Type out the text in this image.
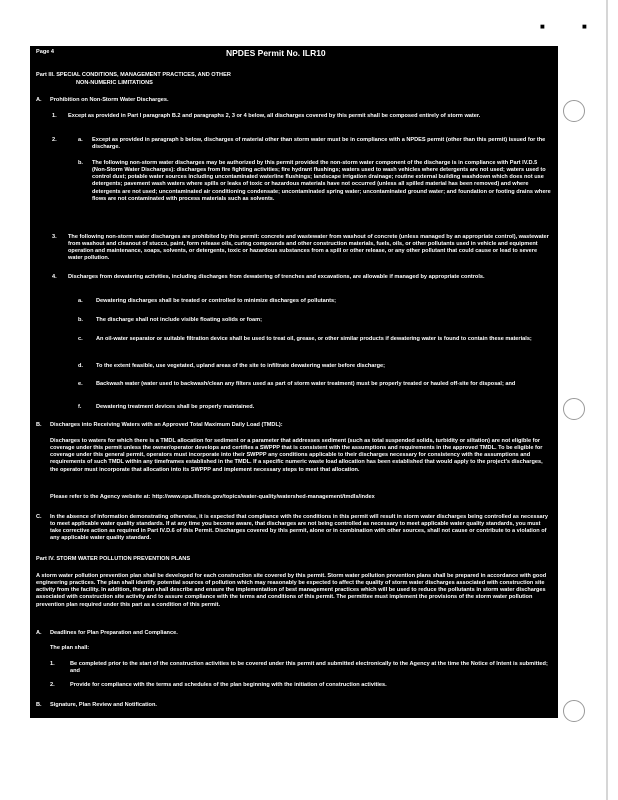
■	■
Page 4	NPDES Permit No. ILR10
Part III. SPECIAL CONDITIONS, MANAGEMENT PRACTICES, AND OTHER
NON-NUMERIC LIMITATIONS
A. Prohibition on Non-Storm Water Discharges.
1. Except as provided in Part I paragraph B.2 and paragraphs 2, 3 or 4 below, all discharges covered by this permit shall be composed entirely of storm water.
2.	a. Except as provided in paragraph b below, discharges of material other than storm water must be in compliance with a NPDES permit (other than this permit) issued for the discharge.
b. The following non-storm water discharges may be authorized by this permit provided the non-storm water component of the discharge is in compliance with Part IV.D.5 (Non-Storm Water Discharges): discharges from fire fighting activities; fire hydrant flushings; waters used to wash vehicles where detergents are not used; waters used to control dust; potable water sources including uncontaminated waterline flushings; landscape irrigation drainage; routine external building washdown which does not use detergents; pavement wash waters where spills or leaks of toxic or hazardous materials have not occurred (unless all spilled material has been removed) and where detergents are not used; uncontaminated air conditioning condensate; uncontaminated spring water; uncontaminated ground water; and foundation or footing drains where flows are not contaminated with process materials such as solvents.
3. The following non-storm water discharges are prohibited by this permit: concrete and wastewater from washout of concrete (unless managed by an appropriate control), wastewater from washout and cleanout of stucco, paint, form release oils, curing compounds and other construction materials, fuels, oils, or other pollutants used in vehicle and equipment operation and maintenance, soaps, solvents, or detergents, toxic or hazardous substances from a spill or other release, or any other pollutant that could cause or lead to severe water pollution.
4. Discharges from dewatering activities, including discharges from dewatering of trenches and excavations, are allowable if managed by appropriate controls.
a. Dewatering discharges shall be treated or controlled to minimize discharges of pollutants;
b. The discharge shall not include visible floating solids or foam;
c. An oil-water separator or suitable filtration device shall be used to treat oil, grease, or other similar products if dewatering water is found to contain these materials;
d. To the extent feasible, use vegetated, upland areas of the site to infiltrate dewatering water before discharge;
e. Backwash water (water used to backwash/clean any filters used as part of storm water treatment) must be properly treated or hauled off-site for disposal; and
f.	Dewatering treatment devices shall be properly maintained.
B. Discharges into Receiving Waters with an Approved Total Maximum Daily Load (TMDL):
Discharges to waters for which there is a TMDL allocation for sediment or a parameter that addresses sediment (such as total suspended solids, turbidity or siltation) are not eligible for coverage under this permit unless the owner/operator develops and certifies a SWPPP that is consistent with the assumptions and requirements in the approved TMDL. To be eligible for coverage under this general permit, operators must incorporate into their SWPPP any conditions applicable to their discharges necessary for consistency with the assumptions and requirements of such TMDL within any timeframes established in the TMDL. If a specific numeric waste load allocation has been established that would apply to the project's discharges, the operator must incorporate that allocation into its SWPPP and implement necessary steps to meet that allocation.
Please refer to the Agency website at: http://www.epa.illinois.gov/topics/water-quality/watershed-management/tmdls/index
C. In the absence of information demonstrating otherwise, it is expected that compliance with the conditions in this permit will result in storm water discharges being controlled as necessary to meet applicable water quality standards. If at any time you become aware, that discharges are not being controlled as necessary to meet applicable water quality standards, you must take corrective action as required in Part IV.D.6 of this Permit. Discharges covered by this permit, alone or in combination with other sources, shall not cause or contribute to a violation of any applicable water quality standard.
Part IV. STORM WATER POLLUTION PREVENTION PLANS
A storm water pollution prevention plan shall be developed for each construction site covered by this permit. Storm water pollution prevention plans shall be prepared in accordance with good engineering practices. The plan shall identify potential sources of pollution which may reasonably be expected to affect the quality of storm water discharges associated with construction site activity from the facility. In addition, the plan shall describe and ensure the implementation of best management practices which will be used to reduce the pollutants in storm water discharges associated with construction site activity and to assure compliance with the terms and conditions of this permit. The permittee must implement the provisions of the storm water pollution prevention plan required under this part as a condition of this permit.
A. Deadlines for Plan Preparation and Compliance.
The plan shall:
1.	Be completed prior to the start of the construction activities to be covered under this permit and submitted electronically to the Agency at the time the Notice of Intent is submitted; and
2.	Provide for compliance with the terms and schedules of the plan beginning with the initiation of construction activities.
B. Signature, Plan Review and Notification.
